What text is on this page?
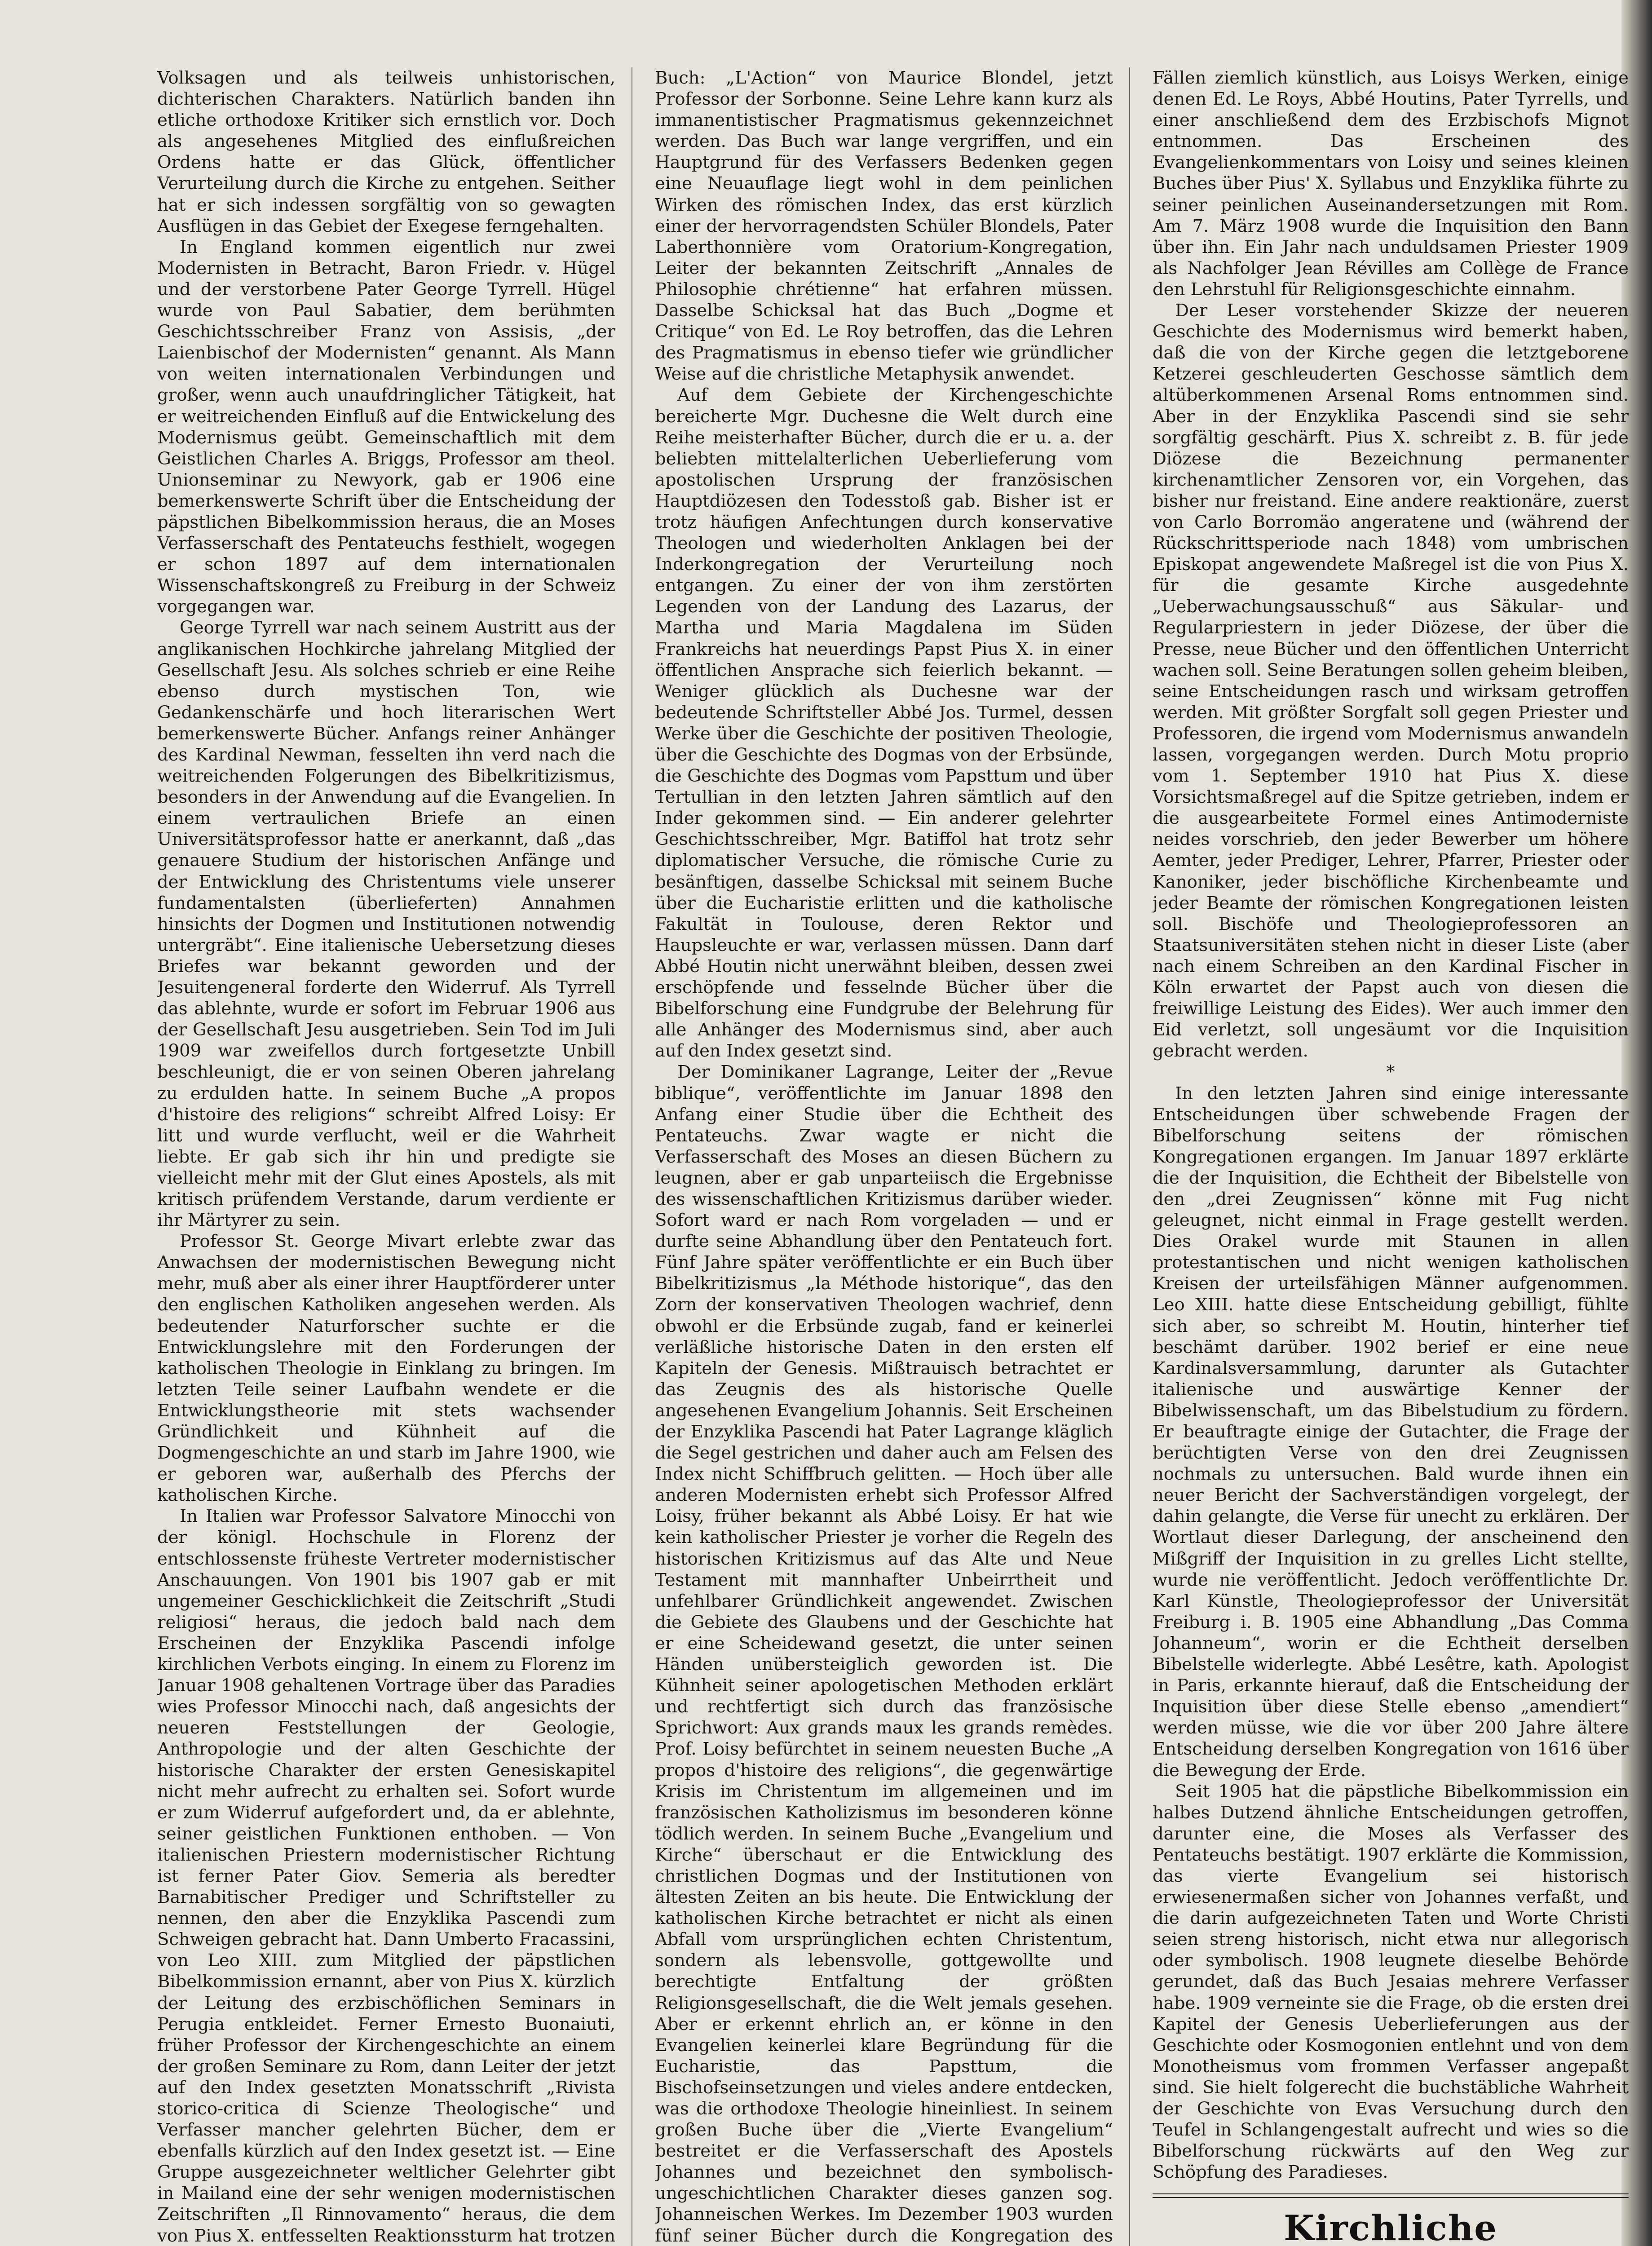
Volksagen und als teilweis unhistorischen, dichterischen Charakters. Natürlich banden ihn etliche orthodoxe Kritiker sich ernstlich vor. Doch als angesehenes Mitglied des einflußreichen Ordens hatte er das Glück, öffentlicher Verurteilung durch die Kirche zu entgehen. Seither hat er sich indessen sorgfältig von so gewagten Ausflügen in das Gebiet der Exegese ferngehalten.

In England kommen eigentlich nur zwei Modernisten in Betracht, Baron Friedr. v. Hügel und der verstorbene Pater George Tyrrell. Hügel wurde von Paul Sabatier, dem berühmten Geschichtsschreiber Franz von Assisis, „der Laienbischof der Modernisten“ genannt. Als Mann von weiten internationalen Verbindungen und großer, wenn auch unaufdringlicher Tätigkeit, hat er weitreichenden Einfluß auf die Entwickelung des Modernismus geübt. Gemeinschaftlich mit dem Geistlichen Charles A. Briggs, Professor am theol. Unionseminar zu Newyork, gab er 1906 eine bemerkenswerte Schrift über die Entscheidung der päpstlichen Bibelkommission heraus, die an Moses Verfasserschaft des Pentateuchs festhielt, wogegen er schon 1897 auf dem internationalen Wissenschaftskongreß zu Freiburg in der Schweiz vorgegangen war.

George Tyrrell war nach seinem Austritt aus der anglikanischen Hochkirche jahrelang Mitglied der Gesellschaft Jesu. Als solches schrieb er eine Reihe ebenso durch mystischen Ton, wie Gedankenschärfe und hoch literarischen Wert bemerkenswerte Bücher. Anfangs reiner Anhänger des Kardinal Newman, fesselten ihn verd nach die weitreichenden Folgerungen des Bibelkritizismus, besonders in der Anwendung auf die Evangelien. In einem vertraulichen Briefe an einen Universitätsprofessor hatte er anerkannt, daß „das genauere Studium der historischen Anfänge und der Entwicklung des Christentums viele unserer fundamentalsten (überlieferten) Annahmen hinsichts der Dogmen und Institutionen notwendig untergräbt“. Eine italienische Uebersetzung dieses Briefes war bekannt geworden und der Jesuitengeneral forderte den Widerruf. Als Tyrrell das ablehnte, wurde er sofort im Februar 1906 aus der Gesellschaft Jesu ausgetrieben. Sein Tod im Juli 1909 war zweifellos durch fortgesetzte Unbill beschleunigt, die er von seinen Oberen jahrelang zu erdulden hatte. In seinem Buche „A propos d'histoire des religions“ schreibt Alfred Loisy: Er litt und wurde verflucht, weil er die Wahrheit liebte. Er gab sich ihr hin und predigte sie vielleicht mehr mit der Glut eines Apostels, als mit kritisch prüfendem Verstande, darum verdiente er ihr Märtyrer zu sein.

Professor St. George Mivart erlebte zwar das Anwachsen der modernistischen Bewegung nicht mehr, muß aber als einer ihrer Hauptförderer unter den englischen Katholiken angesehen werden. Als bedeutender Naturforscher suchte er die Entwicklungslehre mit den Forderungen der katholischen Theologie in Einklang zu bringen. Im letzten Teile seiner Laufbahn wendete er die Entwicklungstheorie mit stets wachsender Gründlichkeit und Kühnheit auf die Dogmengeschichte an und starb im Jahre 1900, wie er geboren war, außerhalb des Pferchs der katholischen Kirche.

In Italien war Professor Salvatore Minocchi von der königl. Hochschule in Florenz der entschlossenste früheste Vertreter modernistischer Anschauungen. Von 1901 bis 1907 gab er mit ungemeiner Geschicklichkeit die Zeitschrift „Studi religiosi“ heraus, die jedoch bald nach dem Erscheinen der Enzyklika Pascendi infolge kirchlichen Verbots einging. In einem zu Florenz im Januar 1908 gehaltenen Vortrage über das Paradies wies Professor Minocchi nach, daß angesichts der neueren Feststellungen der Geologie, Anthropologie und der alten Geschichte der historische Charakter der ersten Genesiskapitel nicht mehr aufrecht zu erhalten sei. Sofort wurde er zum Widerruf aufgefordert und, da er ablehnte, seiner geistlichen Funktionen enthoben. — Von italienischen Priestern modernistischer Richtung ist ferner Pater Giov. Semeria als beredter Barnabitischer Prediger und Schriftsteller zu nennen, den aber die Enzyklika Pascendi zum Schweigen gebracht hat. Dann Umberto Fracassini, von Leo XIII. zum Mitglied der päpstlichen Bibelkommission ernannt, aber von Pius X. kürzlich der Leitung des erzbischöflichen Seminars in Perugia entkleidet. Ferner Ernesto Buonaiuti, früher Professor der Kirchengeschichte an einem der großen Seminare zu Rom, dann Leiter der jetzt auf den Index gesetzten Monatsschrift „Rivista storico-critica di Scienze Theologische“ und Verfasser mancher gelehrten Bücher, dem er ebenfalls kürzlich auf den Index gesetzt ist. — Eine Gruppe ausgezeichneter weltlicher Gelehrter gibt in Mailand eine der sehr wenigen modernistischen Zeitschriften „Il Rinnovamento“ heraus, die dem von Pius X. entfesselten Reaktionssturm hat trotzen

Buch: „L'Action“ von Maurice Blondel, jetzt Professor der Sorbonne. Seine Lehre kann kurz als immanentistischer Pragmatismus gekennzeichnet werden. Das Buch war lange vergriffen, und ein Hauptgrund für des Verfassers Bedenken gegen eine Neuauflage liegt wohl in dem peinlichen Wirken des römischen Index, das erst kürzlich einer der hervorragendsten Schüler Blondels, Pater Laberthonnière vom Oratorium-Kongregation, Leiter der bekannten Zeitschrift „Annales de Philosophie chrétienne“ hat erfahren müssen. Dasselbe Schicksal hat das Buch „Dogme et Critique“ von Ed. Le Roy betroffen, das die Lehren des Pragmatismus in ebenso tiefer wie gründlicher Weise auf die christliche Metaphysik anwendet.

Auf dem Gebiete der Kirchengeschichte bereicherte Mgr. Duchesne die Welt durch eine Reihe meisterhafter Bücher, durch die er u. a. der beliebten mittelalterlichen Ueberlieferung vom apostolischen Ursprung der französischen Hauptdiözesen den Todesstoß gab. Bisher ist er trotz häufigen Anfechtungen durch konservative Theologen und wiederholten Anklagen bei der Inderkongregation der Verurteilung noch entgangen. Zu einer der von ihm zerstörten Legenden von der Landung des Lazarus, der Martha und Maria Magdalena im Süden Frankreichs hat neuerdings Papst Pius X. in einer öffentlichen Ansprache sich feierlich bekannt. — Weniger glücklich als Duchesne war der bedeutende Schriftsteller Abbé Jos. Turmel, dessen Werke über die Geschichte der positiven Theologie, über die Geschichte des Dogmas von der Erbsünde, die Geschichte des Dogmas vom Papsttum und über Tertullian in den letzten Jahren sämtlich auf den Inder gekommen sind. — Ein anderer gelehrter Geschichtsschreiber, Mgr. Batiffol hat trotz sehr diplomatischer Versuche, die römische Curie zu besänftigen, dasselbe Schicksal mit seinem Buche über die Eucharistie erlitten und die katholische Fakultät in Toulouse, deren Rektor und Haupsleuchte er war, verlassen müssen. Dann darf Abbé Houtin nicht unerwähnt bleiben, dessen zwei erschöpfende und fesselnde Bücher über die Bibelforschung eine Fundgrube der Belehrung für alle Anhänger des Modernismus sind, aber auch auf den Index gesetzt sind.

Der Dominikaner Lagrange, Leiter der „Revue biblique“, veröffentlichte im Januar 1898 den Anfang einer Studie über die Echtheit des Pentateuchs. Zwar wagte er nicht die Verfasserschaft des Moses an diesen Büchern zu leugnen, aber er gab unparteiisch die Ergebnisse des wissenschaftlichen Kritizismus darüber wieder. Sofort ward er nach Rom vorgeladen — und er durfte seine Abhandlung über den Pentateuch fort. Fünf Jahre später veröffentlichte er ein Buch über Bibelkritizismus „la Méthode historique“, das den Zorn der konservativen Theologen wachrief, denn obwohl er die Erbsünde zugab, fand er keinerlei verläßliche historische Daten in den ersten elf Kapiteln der Genesis. Mißtrauisch betrachtet er das Zeugnis des als historische Quelle angesehenen Evangelium Johannis. Seit Erscheinen der Enzyklika Pascendi hat Pater Lagrange kläglich die Segel gestrichen und daher auch am Felsen des Index nicht Schiffbruch gelitten. — Hoch über alle anderen Modernisten erhebt sich Professor Alfred Loisy, früher bekannt als Abbé Loisy. Er hat wie kein katholischer Priester je vorher die Regeln des historischen Kritizismus auf das Alte und Neue Testament mit mannhafter Unbeirrtheit und unfehlbarer Gründlichkeit angewendet. Zwischen die Gebiete des Glaubens und der Geschichte hat er eine Scheidewand gesetzt, die unter seinen Händen unübersteiglich geworden ist. Die Kühnheit seiner apologetischen Methoden erklärt und rechtfertigt sich durch das französische Sprichwort: Aux grands maux les grands remèdes. Prof. Loisy befürchtet in seinem neuesten Buche „A propos d'histoire des religions“, die gegenwärtige Krisis im Christentum im allgemeinen und im französischen Katholizismus im besonderen könne tödlich werden. In seinem Buche „Evangelium und Kirche“ überschaut er die Entwicklung des christlichen Dogmas und der Institutionen von ältesten Zeiten an bis heute. Die Entwicklung der katholischen Kirche betrachtet er nicht als einen Abfall vom ursprünglichen echten Christentum, sondern als lebensvolle, gottgewollte und berechtigte Entfaltung der größten Religionsgesellschaft, die die Welt jemals gesehen. Aber er erkennt ehrlich an, er könne in den Evangelien keinerlei klare Begründung für die Eucharistie, das Papsttum, die Bischofseinsetzungen und vieles andere entdecken, was die orthodoxe Theologie hineinliest. In seinem großen Buche über die „Vierte Evangelium“ bestreitet er die Verfasserschaft des Apostels Johannes und bezeichnet den symbolisch-ungeschichtlichen Charakter dieses ganzen sog. Johanneischen Werkes. Im Dezember 1903 wurden fünf seiner Bücher durch die Kongregation des

Fällen ziemlich künstlich, aus Loisys Werken, einige denen Ed. Le Roys, Abbé Houtins, Pater Tyrrells, und einer anschließend dem des Erzbischofs Mignot entnommen. Das Erscheinen des Evangelienkommentars von Loisy und seines kleinen Buches über Pius' X. Syllabus und Enzyklika führte zu seiner peinlichen Auseinandersetzungen mit Rom. Am 7. März 1908 wurde die Inquisition den Bann über ihn. Ein Jahr nach unduldsamen Priester 1909 als Nachfolger Jean Révilles am Collège de France den Lehrstuhl für Religionsgeschichte einnahm.

Der Leser vorstehender Skizze der neueren Geschichte des Modernismus wird bemerkt haben, daß die von der Kirche gegen die letztgeborene Ketzerei geschleuderten Geschosse sämtlich dem altüberkommenen Arsenal Roms entnommen sind. Aber in der Enzyklika Pascendi sind sie sehr sorgfältig geschärft. Pius X. schreibt z. B. für jede Diözese die Bezeichnung permanenter kirchenamtlicher Zensoren vor, ein Vorgehen, das bisher nur freistand. Eine andere reaktionäre, zuerst von Carlo Borromäo angeratene und (während der Rückschrittsperiode nach 1848) vom umbrischen Episkopat angewendete Maßregel ist die von Pius X. für die gesamte Kirche ausgedehnte „Ueberwachungsausschuß“ aus Säkular- und Regularpriestern in jeder Diözese, der über die Presse, neue Bücher und den öffentlichen Unterricht wachen soll. Seine Beratungen sollen geheim bleiben, seine Entscheidungen rasch und wirksam getroffen werden. Mit größter Sorgfalt soll gegen Priester und Professoren, die irgend vom Modernismus anwandeln lassen, vorgegangen werden. Durch Motu proprio vom 1. September 1910 hat Pius X. diese Vorsichtsmaßregel auf die Spitze getrieben, indem er die ausgearbeitete Formel eines Antimoderniste neides vorschrieb, den jeder Bewerber um höhere Aemter, jeder Prediger, Lehrer, Pfarrer, Priester oder Kanoniker, jeder bischöfliche Kirchenbeamte und jeder Beamte der römischen Kongregationen leisten soll. Bischöfe und Theologieprofessoren an Staatsuniversitäten stehen nicht in dieser Liste (aber nach einem Schreiben an den Kardinal Fischer in Köln erwartet der Papst auch von diesen die freiwillige Leistung des Eides). Wer auch immer den Eid verletzt, soll ungesäumt vor die Inquisition gebracht werden.

*

In den letzten Jahren sind einige interessante Entscheidungen über schwebende Fragen der Bibelforschung seitens der römischen Kongregationen ergangen. Im Januar 1897 erklärte die der Inquisition, die Echtheit der Bibelstelle von den „drei Zeugnissen“ könne mit Fug nicht geleugnet, nicht einmal in Frage gestellt werden. Dies Orakel wurde mit Staunen in allen protestantischen und nicht wenigen katholischen Kreisen der urteilsfähigen Männer aufgenommen. Leo XIII. hatte diese Entscheidung gebilligt, fühlte sich aber, so schreibt M. Houtin, hinterher tief beschämt darüber. 1902 berief er eine neue Kardinalsversammlung, darunter als Gutachter italienische und auswärtige Kenner der Bibelwissenschaft, um das Bibelstudium zu fördern. Er beauftragte einige der Gutachter, die Frage der berüchtigten Verse von den drei Zeugnissen nochmals zu untersuchen. Bald wurde ihnen ein neuer Bericht der Sachverständigen vorgelegt, der dahin gelangte, die Verse für unecht zu erklären. Der Wortlaut dieser Darlegung, der anscheinend den Mißgriff der Inquisition in zu grelles Licht stellte, wurde nie veröffentlicht. Jedoch veröffentlichte Dr. Karl Künstle, Theologieprofessor der Universität Freiburg i. B. 1905 eine Abhandlung „Das Comma Johanneum“, worin er die Echtheit derselben Bibelstelle widerlegte. Abbé Lesêtre, kath. Apologist in Paris, erkannte hierauf, daß die Entscheidung der Inquisition über diese Stelle ebenso „amendiert“ werden müsse, wie die vor über 200 Jahre ältere Entscheidung derselben Kongregation von 1616 über die Bewegung der Erde.

Seit 1905 hat die päpstliche Bibelkommission ein halbes Dutzend ähnliche Entscheidungen getroffen, darunter eine, die Moses als Verfasser des Pentateuchs bestätigt. 1907 erklärte die Kommission, das vierte Evangelium sei historisch erwiesenermaßen sicher von Johannes verfaßt, und die darin aufgezeichneten Taten und Worte Christi seien streng historisch, nicht etwa nur allegorisch oder symbolisch. 1908 leugnete dieselbe Behörde gerundet, daß das Buch Jesaias mehrere Verfasser habe. 1909 verneinte sie die Frage, ob die ersten drei Kapitel der Genesis Ueberlieferungen aus der Geschichte oder Kosmogonien entlehnt und von dem Monotheismus vom frommen Verfasser angepaßt sind. Sie hielt folgerecht die buchstäbliche Wahrheit der Geschichte von Evas Versuchung durch den Teufel in Schlangengestalt aufrecht und wies so die Bibelforschung rückwärts auf den Weg zur Schöpfung des Paradieses.

Kirchliche
